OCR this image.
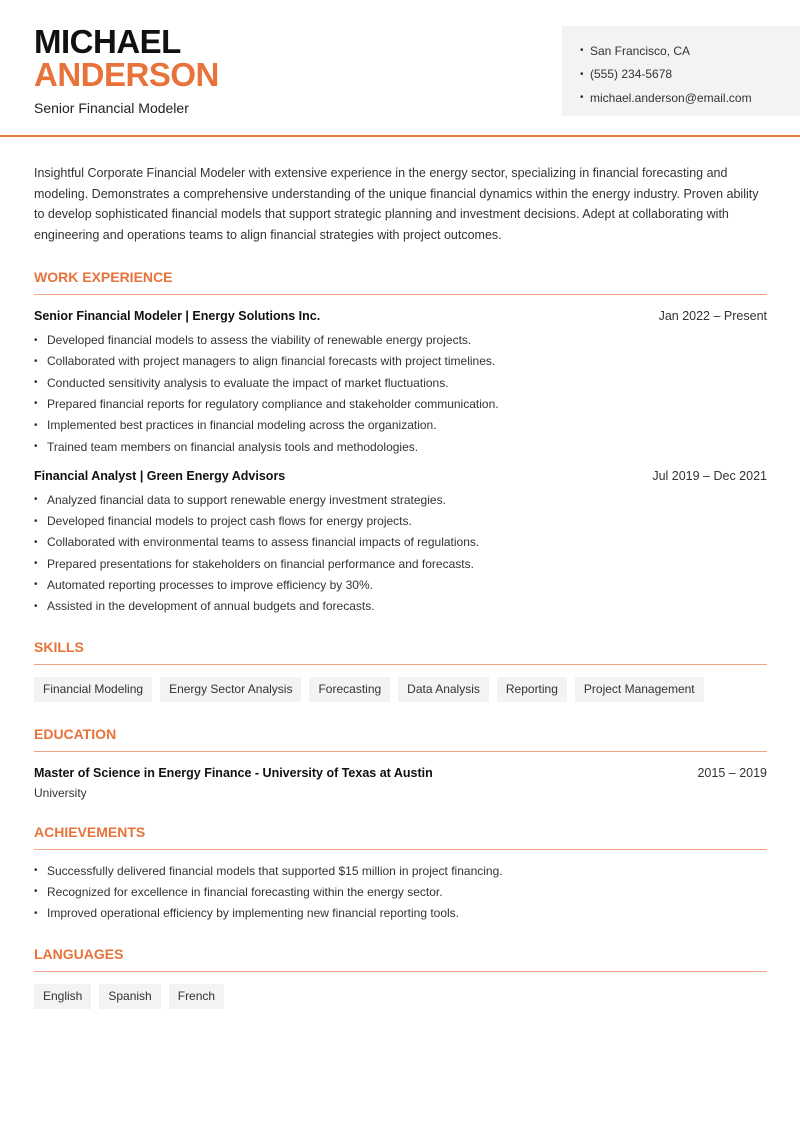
MICHAEL
ANDERSON
Senior Financial Modeler
• San Francisco, CA
• (555) 234-5678
• michael.anderson@email.com

Insightful Corporate Financial Modeler with extensive experience in the energy sector, specializing in financial forecasting and modeling. Demonstrates a comprehensive understanding of the unique financial dynamics within the energy industry. Proven ability to develop sophisticated financial models that support strategic planning and investment decisions. Adept at collaborating with engineering and operations teams to align financial strategies with project outcomes.

WORK EXPERIENCE
Senior Financial Modeler | Energy Solutions Inc.	Jan 2022 – Present
• Developed financial models to assess the viability of renewable energy projects.
• Collaborated with project managers to align financial forecasts with project timelines.
• Conducted sensitivity analysis to evaluate the impact of market fluctuations.
• Prepared financial reports for regulatory compliance and stakeholder communication.
• Implemented best practices in financial modeling across the organization.
• Trained team members on financial analysis tools and methodologies.
Financial Analyst | Green Energy Advisors	Jul 2019 – Dec 2021
• Analyzed financial data to support renewable energy investment strategies.
• Developed financial models to project cash flows for energy projects.
• Collaborated with environmental teams to assess financial impacts of regulations.
• Prepared presentations for stakeholders on financial performance and forecasts.
• Automated reporting processes to improve efficiency by 30%.
• Assisted in the development of annual budgets and forecasts.
SKILLS
Financial Modeling	Energy Sector Analysis	Forecasting	Data Analysis	Reporting	Project Management
EDUCATION
Master of Science in Energy Finance - University of Texas at Austin	2015 – 2019
University
ACHIEVEMENTS
• Successfully delivered financial models that supported $15 million in project financing.
• Recognized for excellence in financial forecasting within the energy sector.
• Improved operational efficiency by implementing new financial reporting tools.
LANGUAGES
English	Spanish	French
